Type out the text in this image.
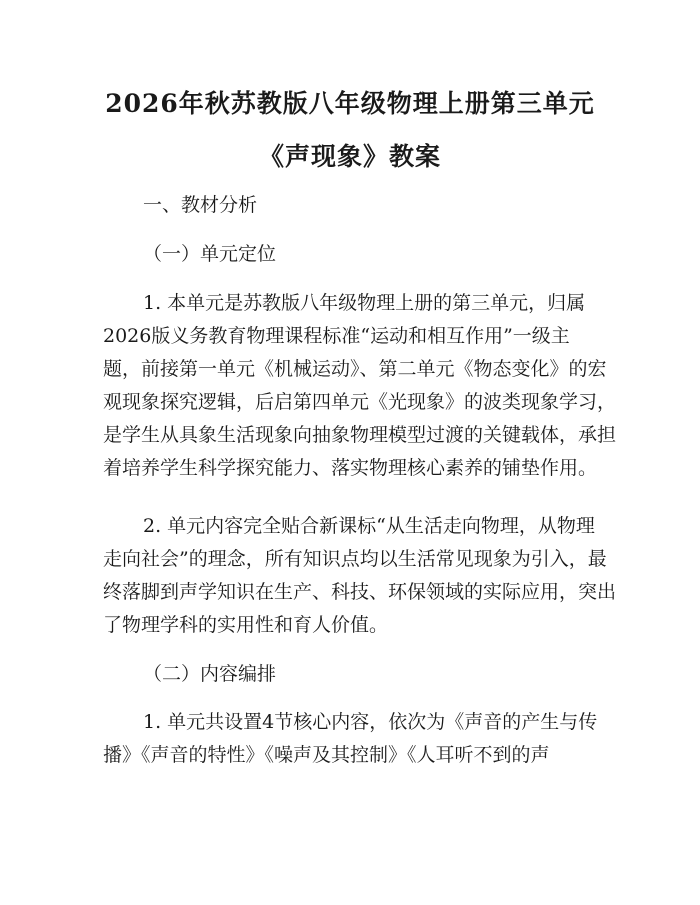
2026年秋苏教版八年级物理上册第三单元
《声现象》教案
一、教材分析
（一）单元定位
1. 本单元是苏教版八年级物理上册的第三单元，归属
2026版义务教育物理课程标准“运动和相互作用”一级主
题，前接第一单元《机械运动》、第二单元《物态变化》的宏
观现象探究逻辑，后启第四单元《光现象》的波类现象学习，
是学生从具象生活现象向抽象物理模型过渡的关键载体，承担
着培养学生科学探究能力、落实物理核心素养的铺垫作用。
2. 单元内容完全贴合新课标“从生活走向物理，从物理
走向社会”的理念，所有知识点均以生活常见现象为引入，最
终落脚到声学知识在生产、科技、环保领域的实际应用，突出
了物理学科的实用性和育人价值。
（二）内容编排
1. 单元共设置4节核心内容，依次为《声音的产生与传
播》《声音的特性》《噪声及其控制》《人耳听不到的声
